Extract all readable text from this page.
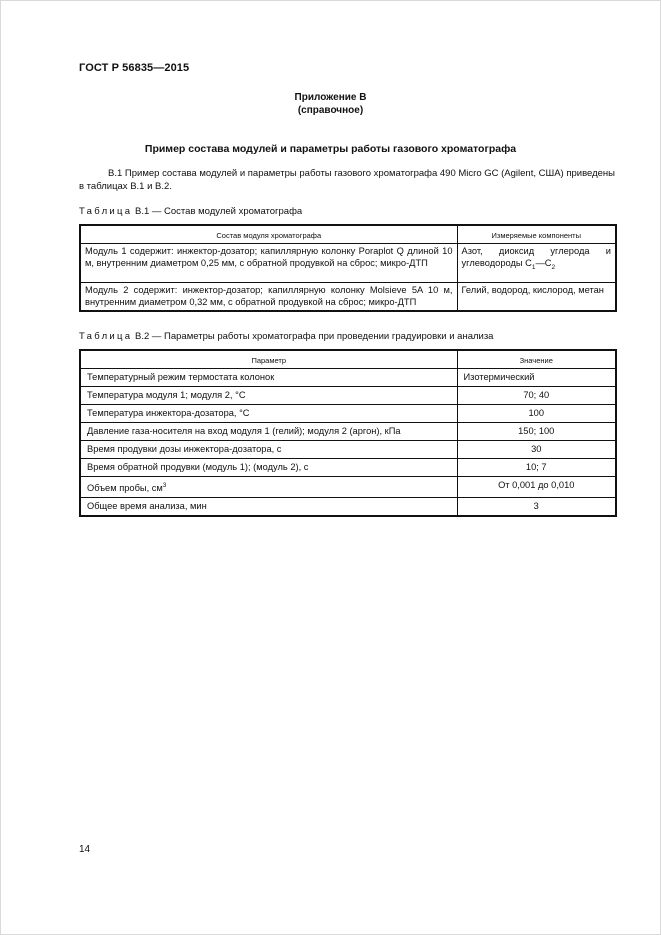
ГОСТ Р 56835—2015
Приложение В
(справочное)
Пример состава модулей и параметры работы газового хроматографа
В.1 Пример состава модулей и параметры работы газового хроматографа 490 Micro GC (Agilent, США) приведены в таблицах В.1 и В.2.
Таблица В.1 — Состав модулей хроматографа
Состав модуля хроматографа	Измеряемые компоненты
Модуль 1 содержит: инжектор-дозатор; капиллярную колонку Poraplot Q длиной 10 м, внутренним диаметром 0,25 мм, с обратной продувкой на сброс; микро-ДТП	Азот, диоксид углерода и углеводороды $С_1—С_2$
Модуль 2 содержит: инжектор-дозатор; капиллярную колонку Molsieve 5A 10 м, внутренним диаметром 0,32 мм, с обратной продувкой на сброс; микро-ДТП	Гелий, водород, кислород, метан
Таблица В.2 — Параметры работы хроматографа при проведении градуировки и анализа
Параметр	Значение
Температурный режим термостата колонок	Изотермический
Температура модуля 1; модуля 2, °С	70; 40
Температура инжектора-дозатора, °С	100
Давление газа-носителя на вход модуля 1 (гелий); модуля 2 (аргон), кПа	150; 100
Время продувки дозы инжектора-дозатора, с	30
Время обратной продувки (модуль 1); (модуль 2), с	10; 7
Объем пробы, $см^3$	От 0,001 до 0,010
Общее время анализа, мин	3
14
